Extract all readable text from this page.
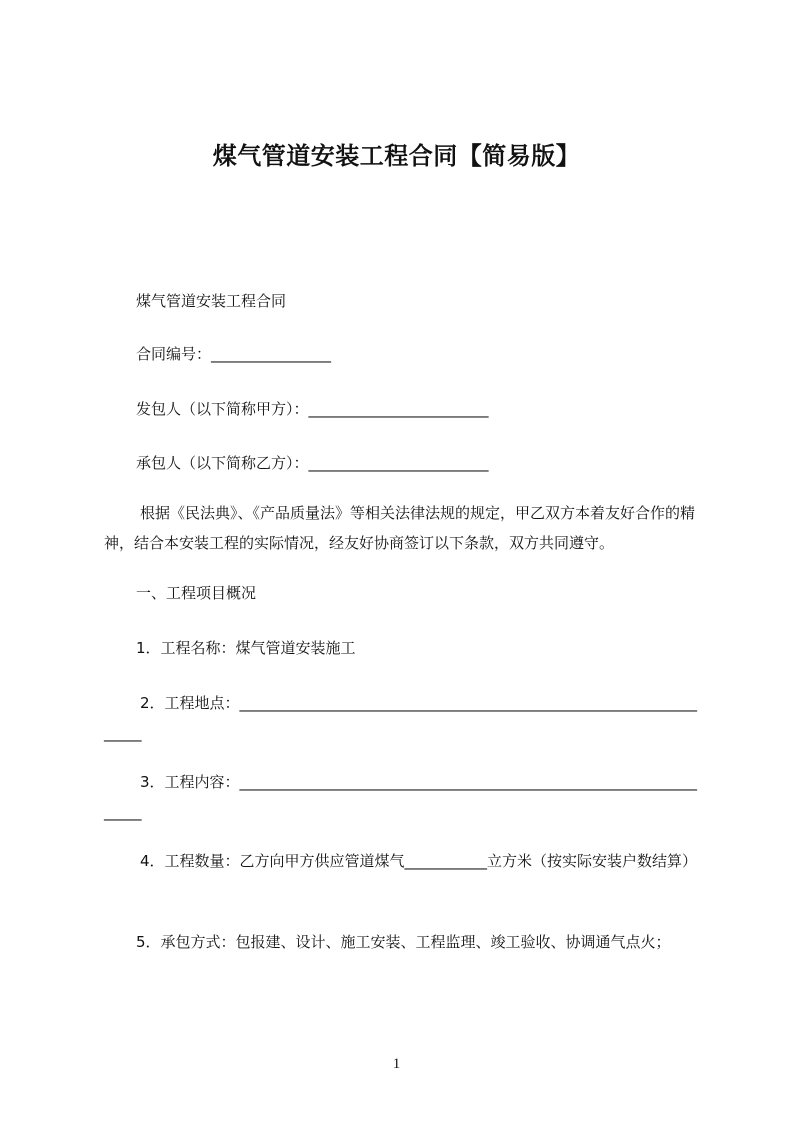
煤气管道安装工程合同【简易版】
煤气管道安装工程合同
合同编号：________________
发包人（以下简称甲方）：________________________
承包人（以下简称乙方）：________________________
根据《民法典》、《产品质量法》等相关法律法规的规定，甲乙双方本着友好合作的精神，结合本安装工程的实际情况，经友好协商签订以下条款，双方共同遵守。
一、工程项目概况
1．工程名称：煤气管道安装施工
2．工程地点：__________________________________________________________________
3．工程内容：__________________________________________________________________
4．工程数量：乙方向甲方供应管道煤气___________立方米（按实际安装户数结算）
5．承包方式：包报建、设计、施工安装、工程监理、竣工验收、协调通气点火；
1
